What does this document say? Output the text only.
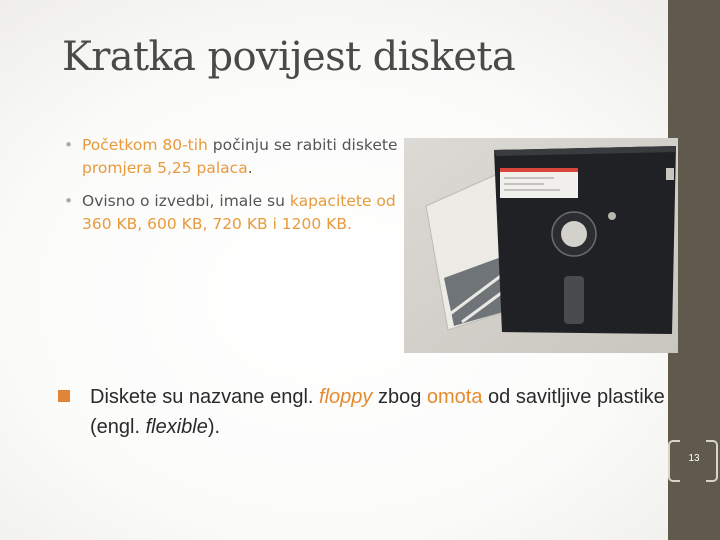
Kratka povijest disketa
• Početkom 80-tih počinju se rabiti diskete promjera 5,25 palaca.
• Ovisno o izvedbi, imale su kapacitete od 360 KB, 600 KB, 720 KB i 1200 KB.
Diskete su nazvane engl. floppy zbog omota od savitljive plastike (engl. flexible).
13
